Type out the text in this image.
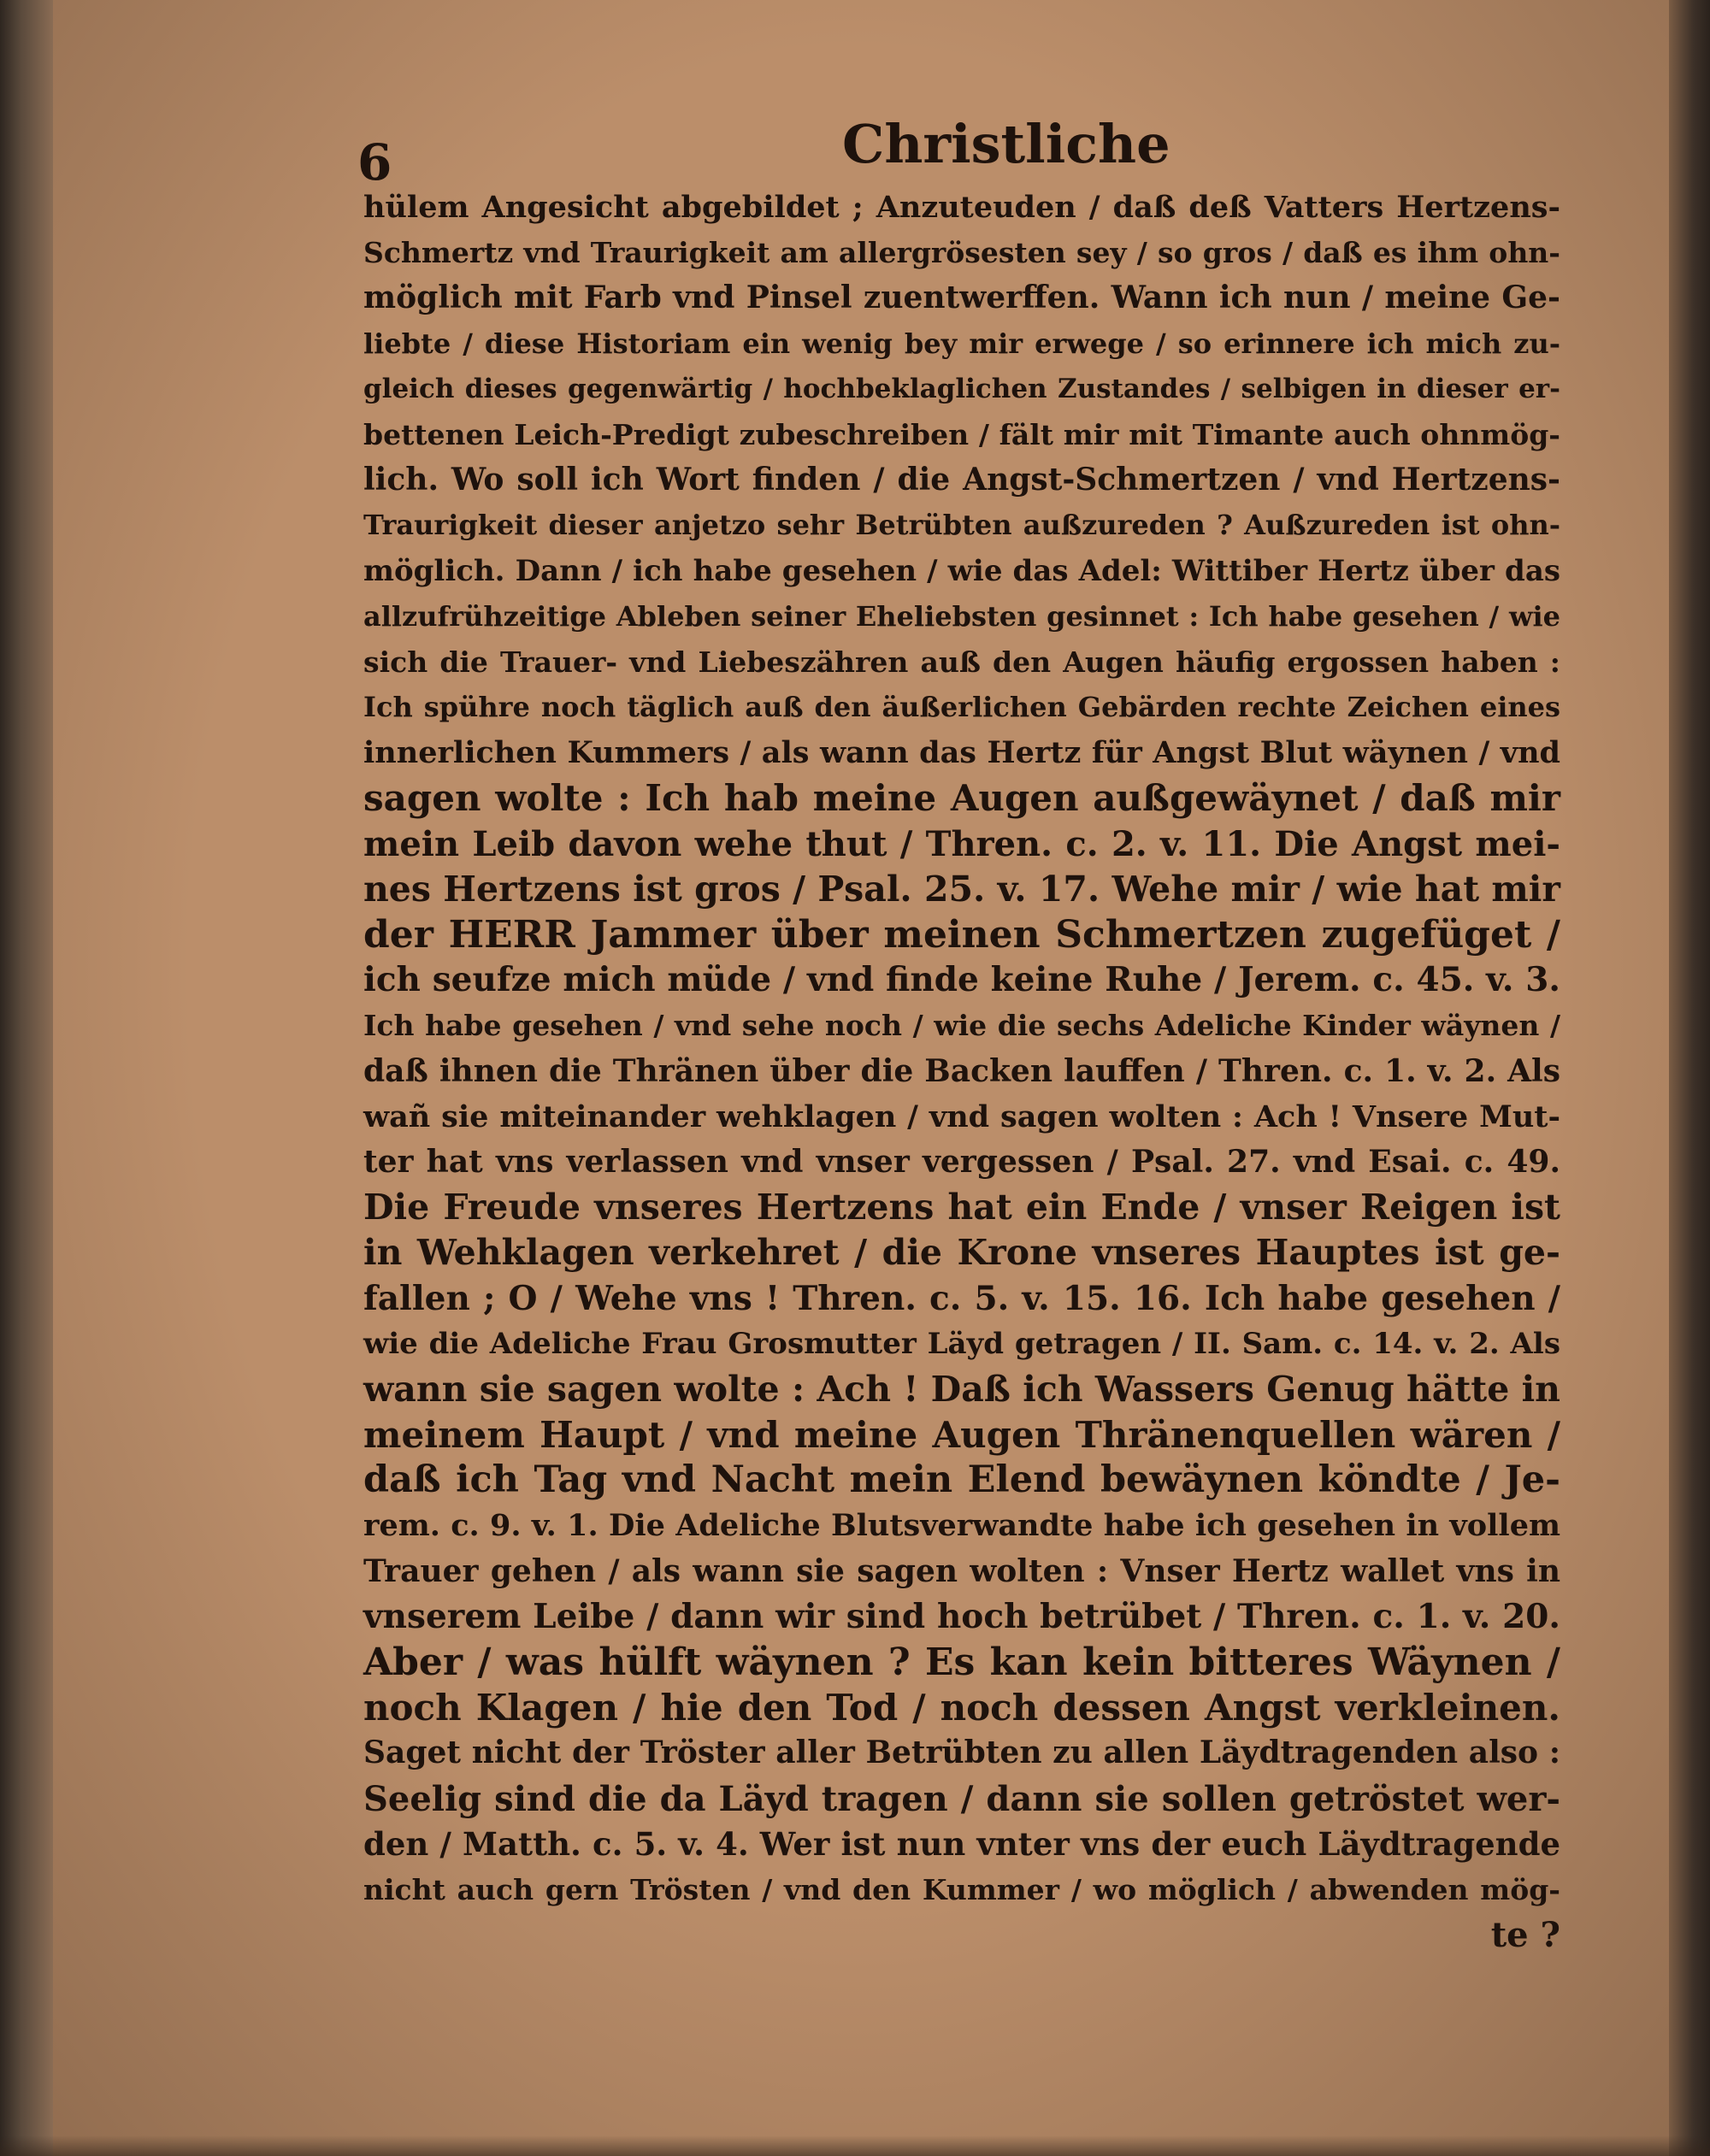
6	Christliche
hülem Angesicht abgebildet ; Anzuteuden / daß deß Vatters Hertzens-
Schmertz vnd Traurigkeit am allergrösesten sey / so gros / daß es ihm ohn-
möglich mit Farb vnd Pinsel zuentwerffen. Wann ich nun / meine Ge-
liebte / diese Historiam ein wenig bey mir erwege / so erinnere ich mich zu-
gleich dieses gegenwärtig / hochbeklaglichen Zustandes / selbigen in dieser er-
bettenen Leich-Predigt zubeschreiben / fält mir mit Timante auch ohnmög-
lich. Wo soll ich Wort finden / die Angst-Schmertzen / vnd Hertzens-
Traurigkeit dieser anjetzo sehr Betrübten außzureden ? Außzureden ist ohn-
möglich. Dann / ich habe gesehen / wie das Adel: Wittiber Hertz über das
allzufrühzeitige Ableben seiner Eheliebsten gesinnet : Ich habe gesehen / wie
sich die Trauer- vnd Liebeszähren auß den Augen häufig ergossen haben :
Ich spühre noch täglich auß den äußerlichen Gebärden rechte Zeichen eines
innerlichen Kummers / als wann das Hertz für Angst Blut wäynen / vnd
sagen wolte : Ich hab meine Augen außgewäynet / daß mir
mein Leib davon wehe thut / Thren. c. 2. v. 11. Die Angst mei-
nes Hertzens ist gros / Psal. 25. v. 17. Wehe mir / wie hat mir
der HERR Jammer über meinen Schmertzen zugefüget /
ich seufze mich müde / vnd finde keine Ruhe / Jerem. c. 45. v. 3.
Ich habe gesehen / vnd sehe noch / wie die sechs Adeliche Kinder wäynen /
daß ihnen die Thränen über die Backen lauffen / Thren. c. 1. v. 2. Als
wañ sie miteinander wehklagen / vnd sagen wolten : Ach ! Vnsere Mut-
ter hat vns verlassen vnd vnser vergessen / Psal. 27. vnd Esai. c. 49.
Die Freude vnseres Hertzens hat ein Ende / vnser Reigen ist
in Wehklagen verkehret / die Krone vnseres Hauptes ist ge-
fallen ; O / Wehe vns ! Thren. c. 5. v. 15. 16. Ich habe gesehen /
wie die Adeliche Frau Grosmutter Läyd getragen / II. Sam. c. 14. v. 2. Als
wann sie sagen wolte : Ach ! Daß ich Wassers Genug hätte in
meinem Haupt / vnd meine Augen Thränenquellen wären /
daß ich Tag vnd Nacht mein Elend bewäynen köndte / Je-
rem. c. 9. v. 1. Die Adeliche Blutsverwandte habe ich gesehen in vollem
Trauer gehen / als wann sie sagen wolten : Vnser Hertz wallet vns in
vnserem Leibe / dann wir sind hoch betrübet / Thren. c. 1. v. 20.
Aber / was hülft wäynen ? Es kan kein bitteres Wäynen /
noch Klagen / hie den Tod / noch dessen Angst verkleinen.
Saget nicht der Tröster aller Betrübten zu allen Läydtragenden also :
Seelig sind die da Läyd tragen / dann sie sollen getröstet wer-
den / Matth. c. 5. v. 4. Wer ist nun vnter vns der euch Läydtragende
nicht auch gern Trösten / vnd den Kummer / wo möglich / abwenden mög-
te ?
